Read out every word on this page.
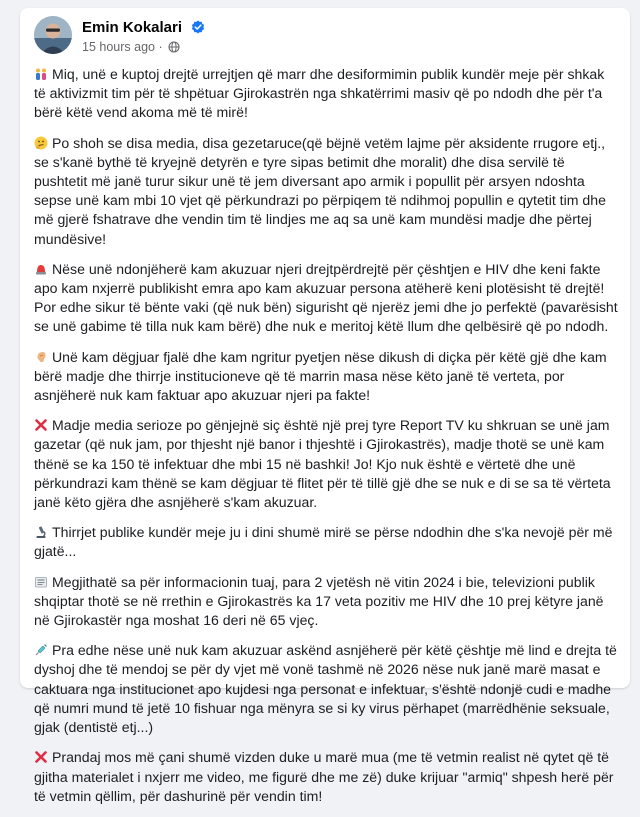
Emin Kokalari
15 hours ago ·

Miq, unë e kuptoj drejtë urrejtjen që marr dhe desiformimin publik kundër meje për shkak të aktivizmit tim për të shpëtuar Gjirokastrën nga shkatërrimi masiv që po ndodh dhe për t'a bërë këtë vend akoma më të mirë!

Po shoh se disa media, disa gezetaruce(që bëjnë vetëm lajme për aksidente rrugore etj., se s'kanë bythë të kryejnë detyrën e tyre sipas betimit dhe moralit) dhe disa servilë të pushtetit më janë turur sikur unë të jem diversant apo armik i popullit për arsyen ndoshta sepse unë kam mbi 10 vjet që përkundrazi po përpiqem të ndihmoj popullin e qytetit tim dhe më gjerë fshatrave dhe vendin tim të lindjes me aq sa unë kam mundësi madje dhe përtej mundësive!

Nëse unë ndonjëherë kam akuzuar njeri drejtpërdrejtë për çështjen e HIV dhe keni fakte apo kam nxjerrë publikisht emra apo kam akuzuar persona atëherë keni plotësisht të drejtë! Por edhe sikur të bënte vaki (që nuk bën) sigurisht që njerëz jemi dhe jo perfektë (pavarësisht se unë gabime të tilla nuk kam bërë) dhe nuk e meritoj këtë llum dhe qelbësirë që po ndodh.

Unë kam dëgjuar fjalë dhe kam ngritur pyetjen nëse dikush di diçka për këtë gjë dhe kam bërë madje dhe thirrje institucioneve që të marrin masa nëse këto janë të verteta, por asnjëherë nuk kam faktuar apo akuzuar njeri pa fakte!

Madje media serioze po gënjejnë siç është një prej tyre Report TV ku shkruan se unë jam gazetar (që nuk jam, por thjesht një banor i thjeshtë i Gjirokastrës), madje thotë se unë kam thënë se ka 150 të infektuar dhe mbi 15 në bashki! Jo! Kjo nuk është e vërtetë dhe unë përkundrazi kam thënë se kam dëgjuar të flitet për të tillë gjë dhe se nuk e di se sa të vërteta janë këto gjëra dhe asnjëherë s'kam akuzuar.

Thirrjet publike kundër meje ju i dini shumë mirë se përse ndodhin dhe s'ka nevojë për më gjatë...

Megjithatë sa për informacionin tuaj, para 2 vjetësh në vitin 2024 i bie, televizioni publik shqiptar thotë se në rrethin e Gjirokastrës ka 17 veta pozitiv me HIV dhe 10 prej këtyre janë në Gjirokastër nga moshat 16 deri në 65 vjeç.

Pra edhe nëse unë nuk kam akuzuar askënd asnjëherë për këtë çështje më lind e drejta të dyshoj dhe të mendoj se për dy vjet më vonë tashmë në 2026 nëse nuk janë marë masat e caktuara nga institucionet apo kujdesi nga personat e infektuar, s'është ndonjë cudi e madhe që numri mund të jetë 10 fishuar nga mënyra se si ky virus përhapet (marrëdhënie seksuale, gjak (dentistë etj...)

Prandaj mos më çani shumë vizden duke u marë mua (me të vetmin realist në qytet që të gjitha materialet i nxjerr me video, me figurë dhe me zë) duke krijuar "armiq" shpesh herë për të vetmin qëllim, për dashurinë për vendin tim!
